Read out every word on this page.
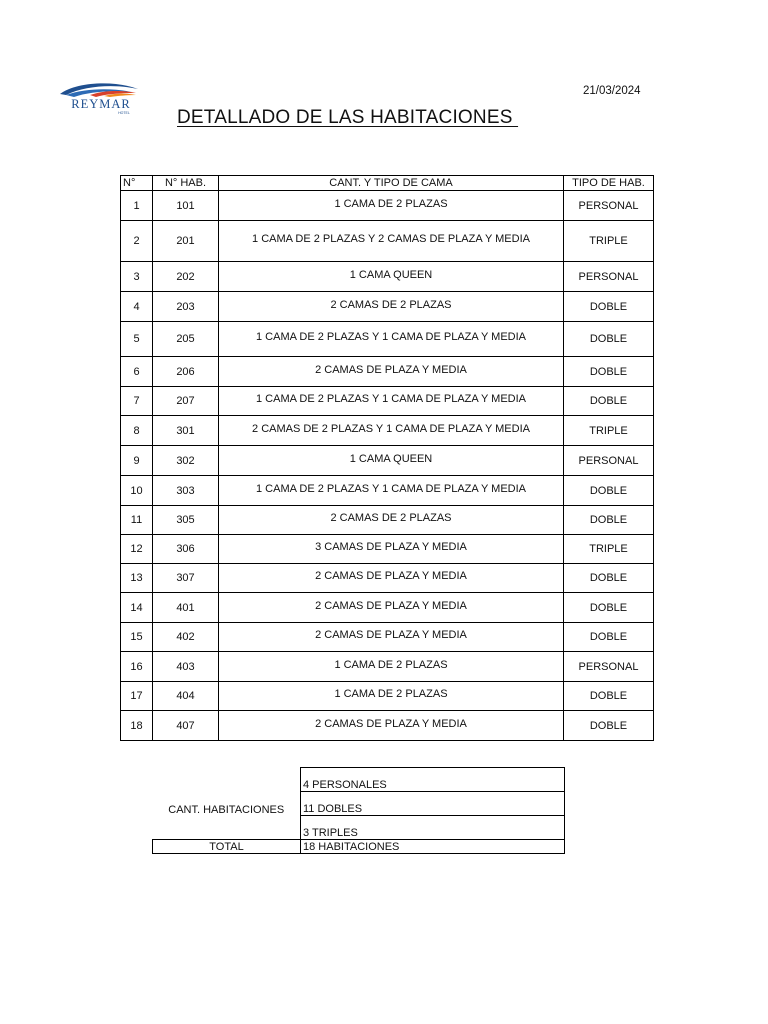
REYMAR
HOTEL
21/03/2024
DETALLADO DE LAS HABITACIONES
N°	N° HAB.	CANT. Y TIPO DE CAMA	TIPO DE HAB.
1	101	1 CAMA DE 2 PLAZAS	PERSONAL
2	201	1 CAMA DE 2 PLAZAS Y 2 CAMAS DE PLAZA Y MEDIA	TRIPLE
3	202	1 CAMA QUEEN	PERSONAL
4	203	2 CAMAS DE 2 PLAZAS	DOBLE
5	205	1 CAMA DE 2 PLAZAS Y 1 CAMA DE PLAZA Y MEDIA	DOBLE
6	206	2 CAMAS DE PLAZA Y MEDIA	DOBLE
7	207	1 CAMA DE 2 PLAZAS Y 1 CAMA DE PLAZA Y MEDIA	DOBLE
8	301	2 CAMAS DE 2 PLAZAS Y 1 CAMA DE PLAZA Y MEDIA	TRIPLE
9	302	1 CAMA QUEEN	PERSONAL
10	303	1 CAMA DE 2 PLAZAS Y 1 CAMA DE PLAZA Y MEDIA	DOBLE
11	305	2 CAMAS DE 2 PLAZAS	DOBLE
12	306	3 CAMAS DE PLAZA Y MEDIA	TRIPLE
13	307	2 CAMAS DE PLAZA Y MEDIA	DOBLE
14	401	2 CAMAS DE PLAZA Y MEDIA	DOBLE
15	402	2 CAMAS DE PLAZA Y MEDIA	DOBLE
16	403	1 CAMA DE 2 PLAZAS	PERSONAL
17	404	1 CAMA DE 2 PLAZAS	DOBLE
18	407	2 CAMAS DE PLAZA Y MEDIA	DOBLE
	4 PERSONALES
CANT. HABITACIONES	11 DOBLES
	3 TRIPLES
TOTAL	18 HABITACIONES
